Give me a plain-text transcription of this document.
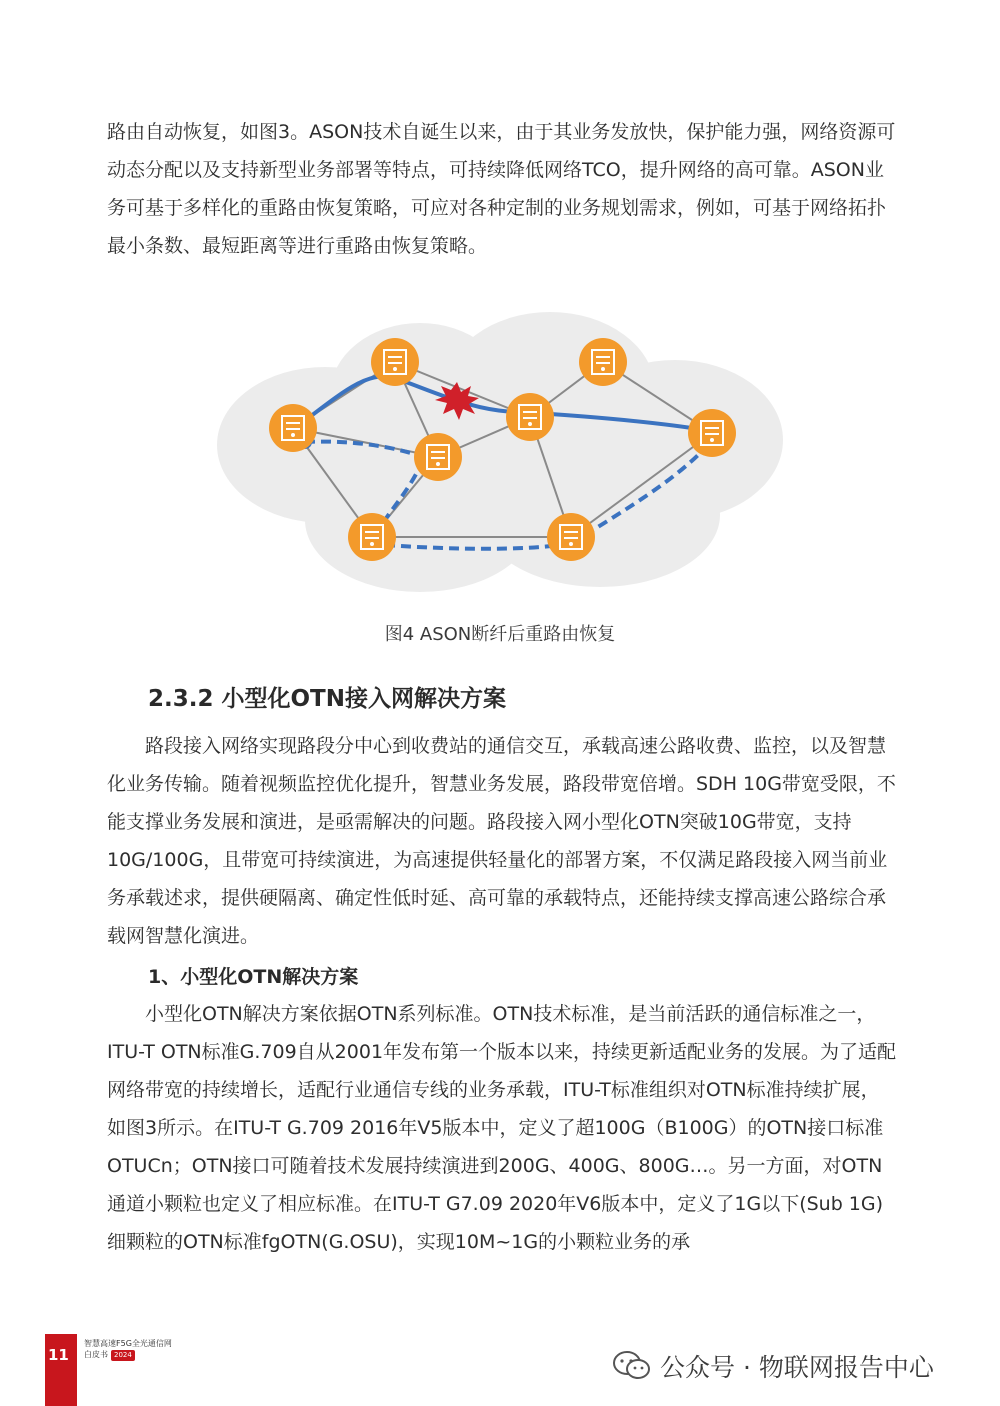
路由自动恢复，如图3。ASON技术自诞生以来，由于其业务发放快，保护能力强，网络资源可动态分配以及支持新型业务部署等特点，可持续降低网络TCO，提升网络的高可靠。ASON业务可基于多样化的重路由恢复策略，可应对各种定制的业务规划需求，例如，可基于网络拓扑最小条数、最短距离等进行重路由恢复策略。

图4 ASON断纤后重路由恢复
2.3.2 小型化OTN接入网解决方案

路段接入网络实现路段分中心到收费站的通信交互，承载高速公路收费、监控，以及智慧化业务传输。随着视频监控优化提升，智慧业务发展，路段带宽倍增。SDH 10G带宽受限，不能支撑业务发展和演进，是亟需解决的问题。路段接入网小型化OTN突破10G带宽，支持10G/100G，且带宽可持续演进，为高速提供轻量化的部署方案，不仅满足路段接入网当前业务承载述求，提供硬隔离、确定性低时延、高可靠的承载特点，还能持续支撑高速公路综合承载网智慧化演进。

1、小型化OTN解决方案

小型化OTN解决方案依据OTN系列标准。OTN技术标准，是当前活跃的通信标准之一，ITU-T OTN标准G.709自从2001年发布第一个版本以来，持续更新适配业务的发展。为了适配网络带宽的持续增长，适配行业通信专线的业务承载，ITU-T标准组织对OTN标准持续扩展，如图3所示。在ITU-T G.709 2016年V5版本中，定义了超100G（B100G）的OTN接口标准OTUCn；OTN接口可随着技术发展持续演进到200G、400G、800G…。另一方面，对OTN通道小颗粒也定义了相应标准。在ITU-T G7.09 2020年V6版本中，定义了1G以下(Sub 1G)细颗粒的OTN标准fgOTN(G.OSU)，实现10M~1G的小颗粒业务的承

11
智慧高速F5G全光通信网
白皮书 2024	公众号 · 物联网报告中心
